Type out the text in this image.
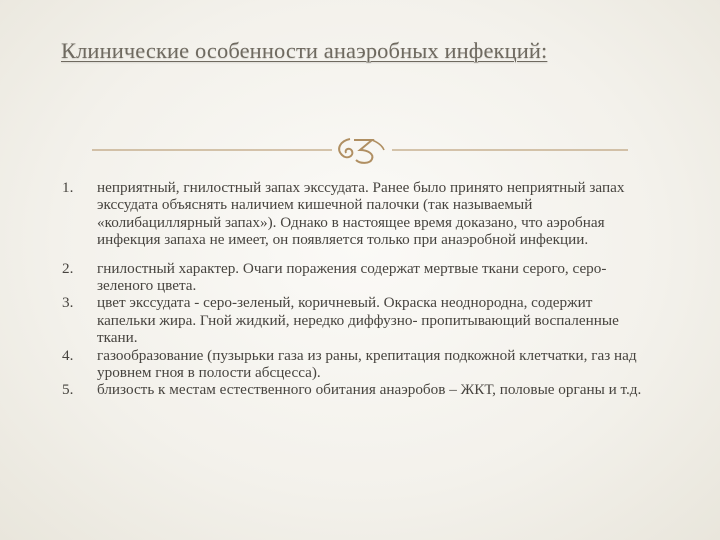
Клинические особенности анаэробных инфекций:
1.	неприятный, гнилостный запах экссудата. Ранее было принято неприятный запах экссудата объяснять наличием кишечной палочки (так называемый «колибациллярный запах»). Однако в настоящее время доказано, что аэробная инфекция запаха не имеет, он появляется только при анаэробной инфекции.
2.	гнилостный характер. Очаги поражения содержат мертвые ткани серого, серо-зеленого цвета.
3.	цвет экссудата - серо-зеленый, коричневый. Окраска неоднородна, содержит капельки жира. Гной жидкий, нередко диффузно- пропитывающий воспаленные ткани.
4.	газообразование (пузырьки газа из раны, крепитация подкожной клетчатки, газ над уровнем гноя в полости абсцесса).
5.	близость к местам естественного обитания анаэробов – ЖКТ, половые органы и т.д.
